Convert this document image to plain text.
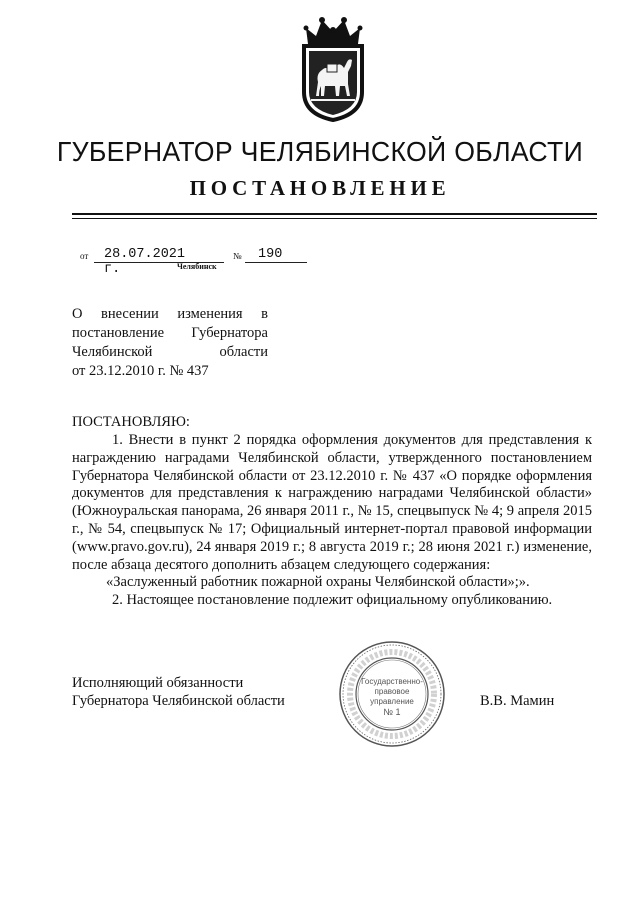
ГУБЕРНАТОР ЧЕЛЯБИНСКОЙ ОБЛАСТИ
ПОСТАНОВЛЕНИЕ
от 28.07.2021 г.
№ 190
Челябинск
О внесении изменения в
постановление Губернатора
Челябинской области
от 23.12.2010 г. № 437
ПОСТАНОВЛЯЮ:

1. Внести в пункт 2 порядка оформления документов для представления к награждению наградами Челябинской области, утвержденного постановлением Губернатора Челябинской области от 23.12.2010 г. № 437 «О порядке оформления документов для представления к награждению наградами Челябинской области» (Южноуральская панорама, 26 января 2011 г., № 15, спецвыпуск № 4; 9 апреля 2015 г., № 54, спецвыпуск № 17; Официальный интернет-портал правовой информации (www.pravo.gov.ru), 24 января 2019 г.; 8 августа 2019 г.; 28 июня 2021 г.) изменение, после абзаца десятого дополнить абзацем следующего содержания:

«Заслуженный работник пожарной охраны Челябинской области»;».

2. Настоящее постановление подлежит официальному опубликованию.

Исполняющий обязанности
Губернатора Челябинской области
Государственно-
правовое
управление
№ 1
В.В. Мамин
